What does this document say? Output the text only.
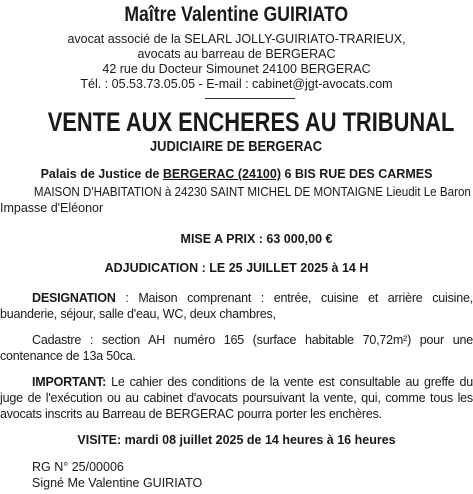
Maître Valentine GUIRIATO
avocat associé de la SELARL JOLLY-GUIRIATO-TRARIEUX,
avocats au barreau de BERGERAC
42 rue du Docteur Simounet 24100 BERGERAC
Tél. : 05.53.73.05.05 - E-mail : cabinet@jgt-avocats.com
VENTE AUX ENCHERES AU TRIBUNAL
JUDICIAIRE DE BERGERAC
Palais de Justice de BERGERAC (24100) 6 BIS RUE DES CARMES
MAISON D'HABITATION à 24230 SAINT MICHEL DE MONTAIGNE Lieudit Le Baron
Impasse d'Eléonor
MISE A PRIX : 63 000,00 €
ADJUDICATION : LE 25 JUILLET 2025 à 14 H
DESIGNATION : Maison comprenant : entrée, cuisine et arrière cuisine, buanderie, séjour, salle d'eau, WC, deux chambres,
Cadastre : section AH numéro 165 (surface habitable 70,72m²) pour une contenance de 13a 50ca.
IMPORTANT: Le cahier des conditions de la vente est consultable au greffe du juge de l'exécution ou au cabinet d'avocats poursuivant la vente, qui, comme tous les avocats inscrits au Barreau de BERGERAC pourra porter les enchères.
VISITE: mardi 08 juillet 2025 de 14 heures à 16 heures
RG N° 25/00006
Signé Me Valentine GUIRIATO
